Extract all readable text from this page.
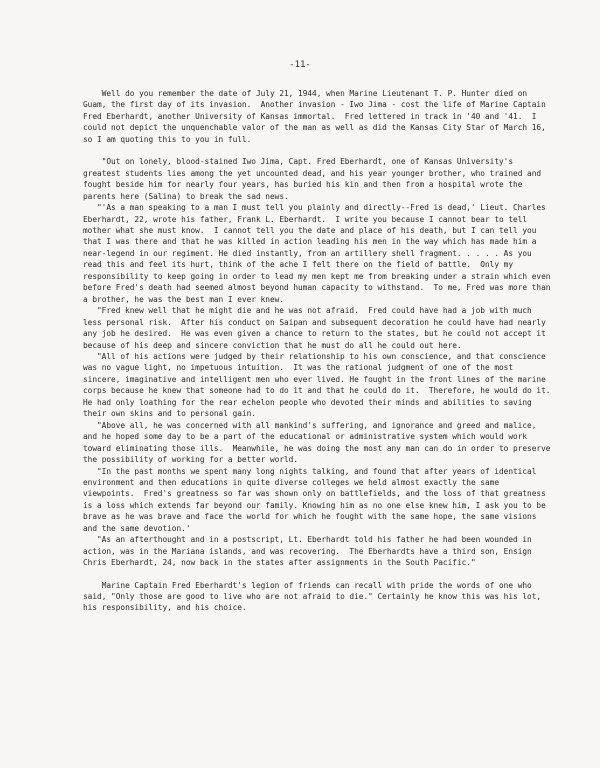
-11-

Well do you remember the date of July 21, 1944, when Marine Lieutenant T. P. Hunter died on Guam, the first day of its invasion.  Another invasion - Iwo Jima - cost the life of Marine Captain Fred Eberhardt, another University of Kansas immortal.  Fred lettered in track in '40 and '41.  I could not depict the unquenchable valor of the man as well as did the Kansas City Star of March 16, so I am quoting this to you in full.

"Out on lonely, blood-stained Iwo Jima, Capt. Fred Eberhardt, one of Kansas University's greatest students lies among the yet uncounted dead, and his year younger brother, who trained and fought beside him for nearly four years, has buried his kin and then from a hospital wrote the parents here (Salina) to break the sad news.

"'As a man speaking to a man I must tell you plainly and directly--Fred is dead,' Lieut. Charles Eberhardt, 22, wrote his father, Frank L. Eberhardt.  I write you because I cannot bear to tell mother what she must know.  I cannot tell you the date and place of his death, but I can tell you that I was there and that he was killed in action leading his men in the way which has made him a near-legend in our regiment. He died instantly, from an artillery shell fragment. . . . . As you read this and feel its hurt, think of the ache I felt there on the field of battle.  Only my responsibility to keep going in order to lead my men kept me from breaking under a strain which even before Fred's death had seemed almost beyond human capacity to withstand.  To me, Fred was more than a brother, he was the best man I ever knew.

"Fred knew well that he might die and he was not afraid.  Fred could have had a job with much less personal risk.  After his conduct on Saipan and subsequent decoration he could have had nearly any job he desired.  He was even given a chance to return to the states, but he could not accept it because of his deep and sincere conviction that he must do all he could out here.

"All of his actions were judged by their relationship to his own conscience, and that conscience was no vague light, no impetuous intuition.  It was the rational judgment of one of the most sincere, imaginative and intelligent men who ever lived. He fought in the front lines of the marine corps because he knew that someone had to do it and that he could do it.  Therefore, he would do it.  He had only loathing for the rear echelon people who devoted their minds and abilities to saving their own skins and to personal gain.

"Above all, he was concerned with all mankind's suffering, and ignorance and greed and malice, and he hoped some day to be a part of the educational or administrative system which would work toward eliminating those ills.  Meanwhile, he was doing the most any man can do in order to preserve the possibility of working for a better world.

"In the past months we spent many long nights talking, and found that after years of identical environment and then educations in quite diverse colleges we held almost exactly the same viewpoints.  Fred's greatness so far was shown only on battlefields, and the loss of that greatness is a loss which extends far beyond our family. Knowing him as no one else knew him, I ask you to be brave as he was brave and face the world for which he fought with the same hope, the same visions and the same devotion.'

"As an afterthought and in a postscript, Lt. Eberhardt told his father he had been wounded in action, was in the Mariana islands, and was recovering.  The Eberhardts have a third son, Ensign Chris Eberhardt, 24, now back in the states after assignments in the South Pacific."

Marine Captain Fred Eberhardt's legion of friends can recall with pride the words of one who said, "Only those are good to live who are not afraid to die." Certainly he know this was his lot, his responsibility, and his choice.
